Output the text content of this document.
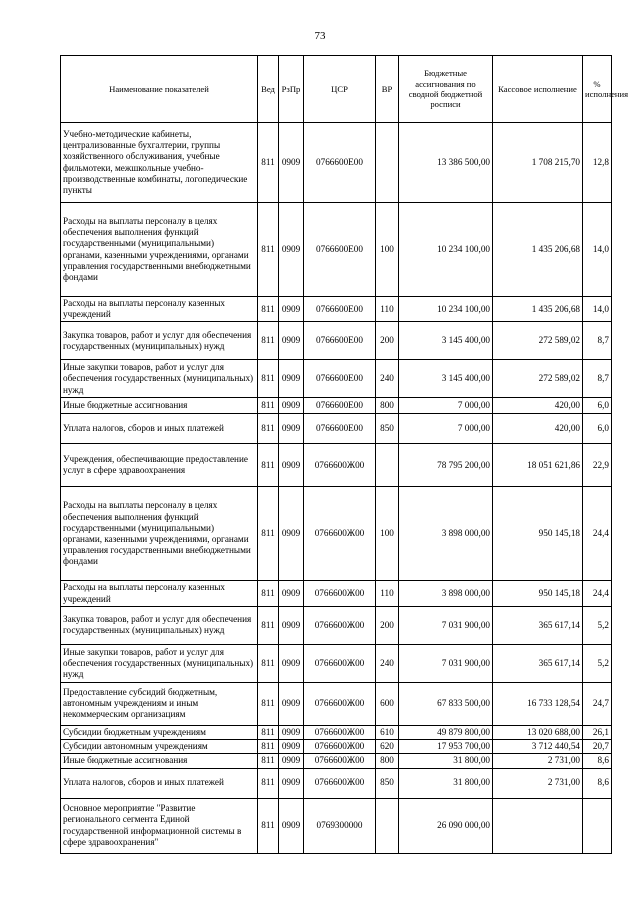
73
Наименование показателей	Вед	РзПр	ЦСР	ВР	Бюджетные ассигнования по сводной бюджетной росписи	Кассовое исполнение	% исполнения
Учебно-методические кабинеты, централизованные бухгалтерии, группы хозяйственного обслуживания, учебные фильмотеки, межшкольные учебно-производственные комбинаты, логопедические пункты	811	0909	0766600Е00		13 386 500,00	1 708 215,70	12,8
Расходы на выплаты персоналу в целях обеспечения выполнения функций государственными (муниципальными) органами, казенными учреждениями, органами управления государственными внебюджетными фондами	811	0909	0766600Е00	100	10 234 100,00	1 435 206,68	14,0
Расходы на выплаты персоналу казенных учреждений	811	0909	0766600Е00	110	10 234 100,00	1 435 206,68	14,0
Закупка товаров, работ и услуг для обеспечения государственных (муниципальных) нужд	811	0909	0766600Е00	200	3 145 400,00	272 589,02	8,7
Иные закупки товаров, работ и услуг для обеспечения государственных (муниципальных) нужд	811	0909	0766600Е00	240	3 145 400,00	272 589,02	8,7
Иные бюджетные ассигнования	811	0909	0766600Е00	800	7 000,00	420,00	6,0
Уплата налогов, сборов и иных платежей	811	0909	0766600Е00	850	7 000,00	420,00	6,0
Учреждения, обеспечивающие предоставление услуг в сфере здравоохранения	811	0909	0766600Ж00		78 795 200,00	18 051 621,86	22,9
Расходы на выплаты персоналу в целях обеспечения выполнения функций государственными (муниципальными) органами, казенными учреждениями, органами управления государственными внебюджетными фондами	811	0909	0766600Ж00	100	3 898 000,00	950 145,18	24,4
Расходы на выплаты персоналу казенных учреждений	811	0909	0766600Ж00	110	3 898 000,00	950 145,18	24,4
Закупка товаров, работ и услуг для обеспечения государственных (муниципальных) нужд	811	0909	0766600Ж00	200	7 031 900,00	365 617,14	5,2
Иные закупки товаров, работ и услуг для обеспечения государственных (муниципальных) нужд	811	0909	0766600Ж00	240	7 031 900,00	365 617,14	5,2
Предоставление субсидий бюджетным, автономным учреждениям и иным некоммерческим организациям	811	0909	0766600Ж00	600	67 833 500,00	16 733 128,54	24,7
Субсидии бюджетным учреждениям	811	0909	0766600Ж00	610	49 879 800,00	13 020 688,00	26,1
Субсидии автономным учреждениям	811	0909	0766600Ж00	620	17 953 700,00	3 712 440,54	20,7
Иные бюджетные ассигнования	811	0909	0766600Ж00	800	31 800,00	2 731,00	8,6
Уплата налогов, сборов и иных платежей	811	0909	0766600Ж00	850	31 800,00	2 731,00	8,6
Основное мероприятие "Развитие регионального сегмента Единой государственной информационной системы в сфере здравоохранения"	811	0909	0769300000		26 090 000,00		
